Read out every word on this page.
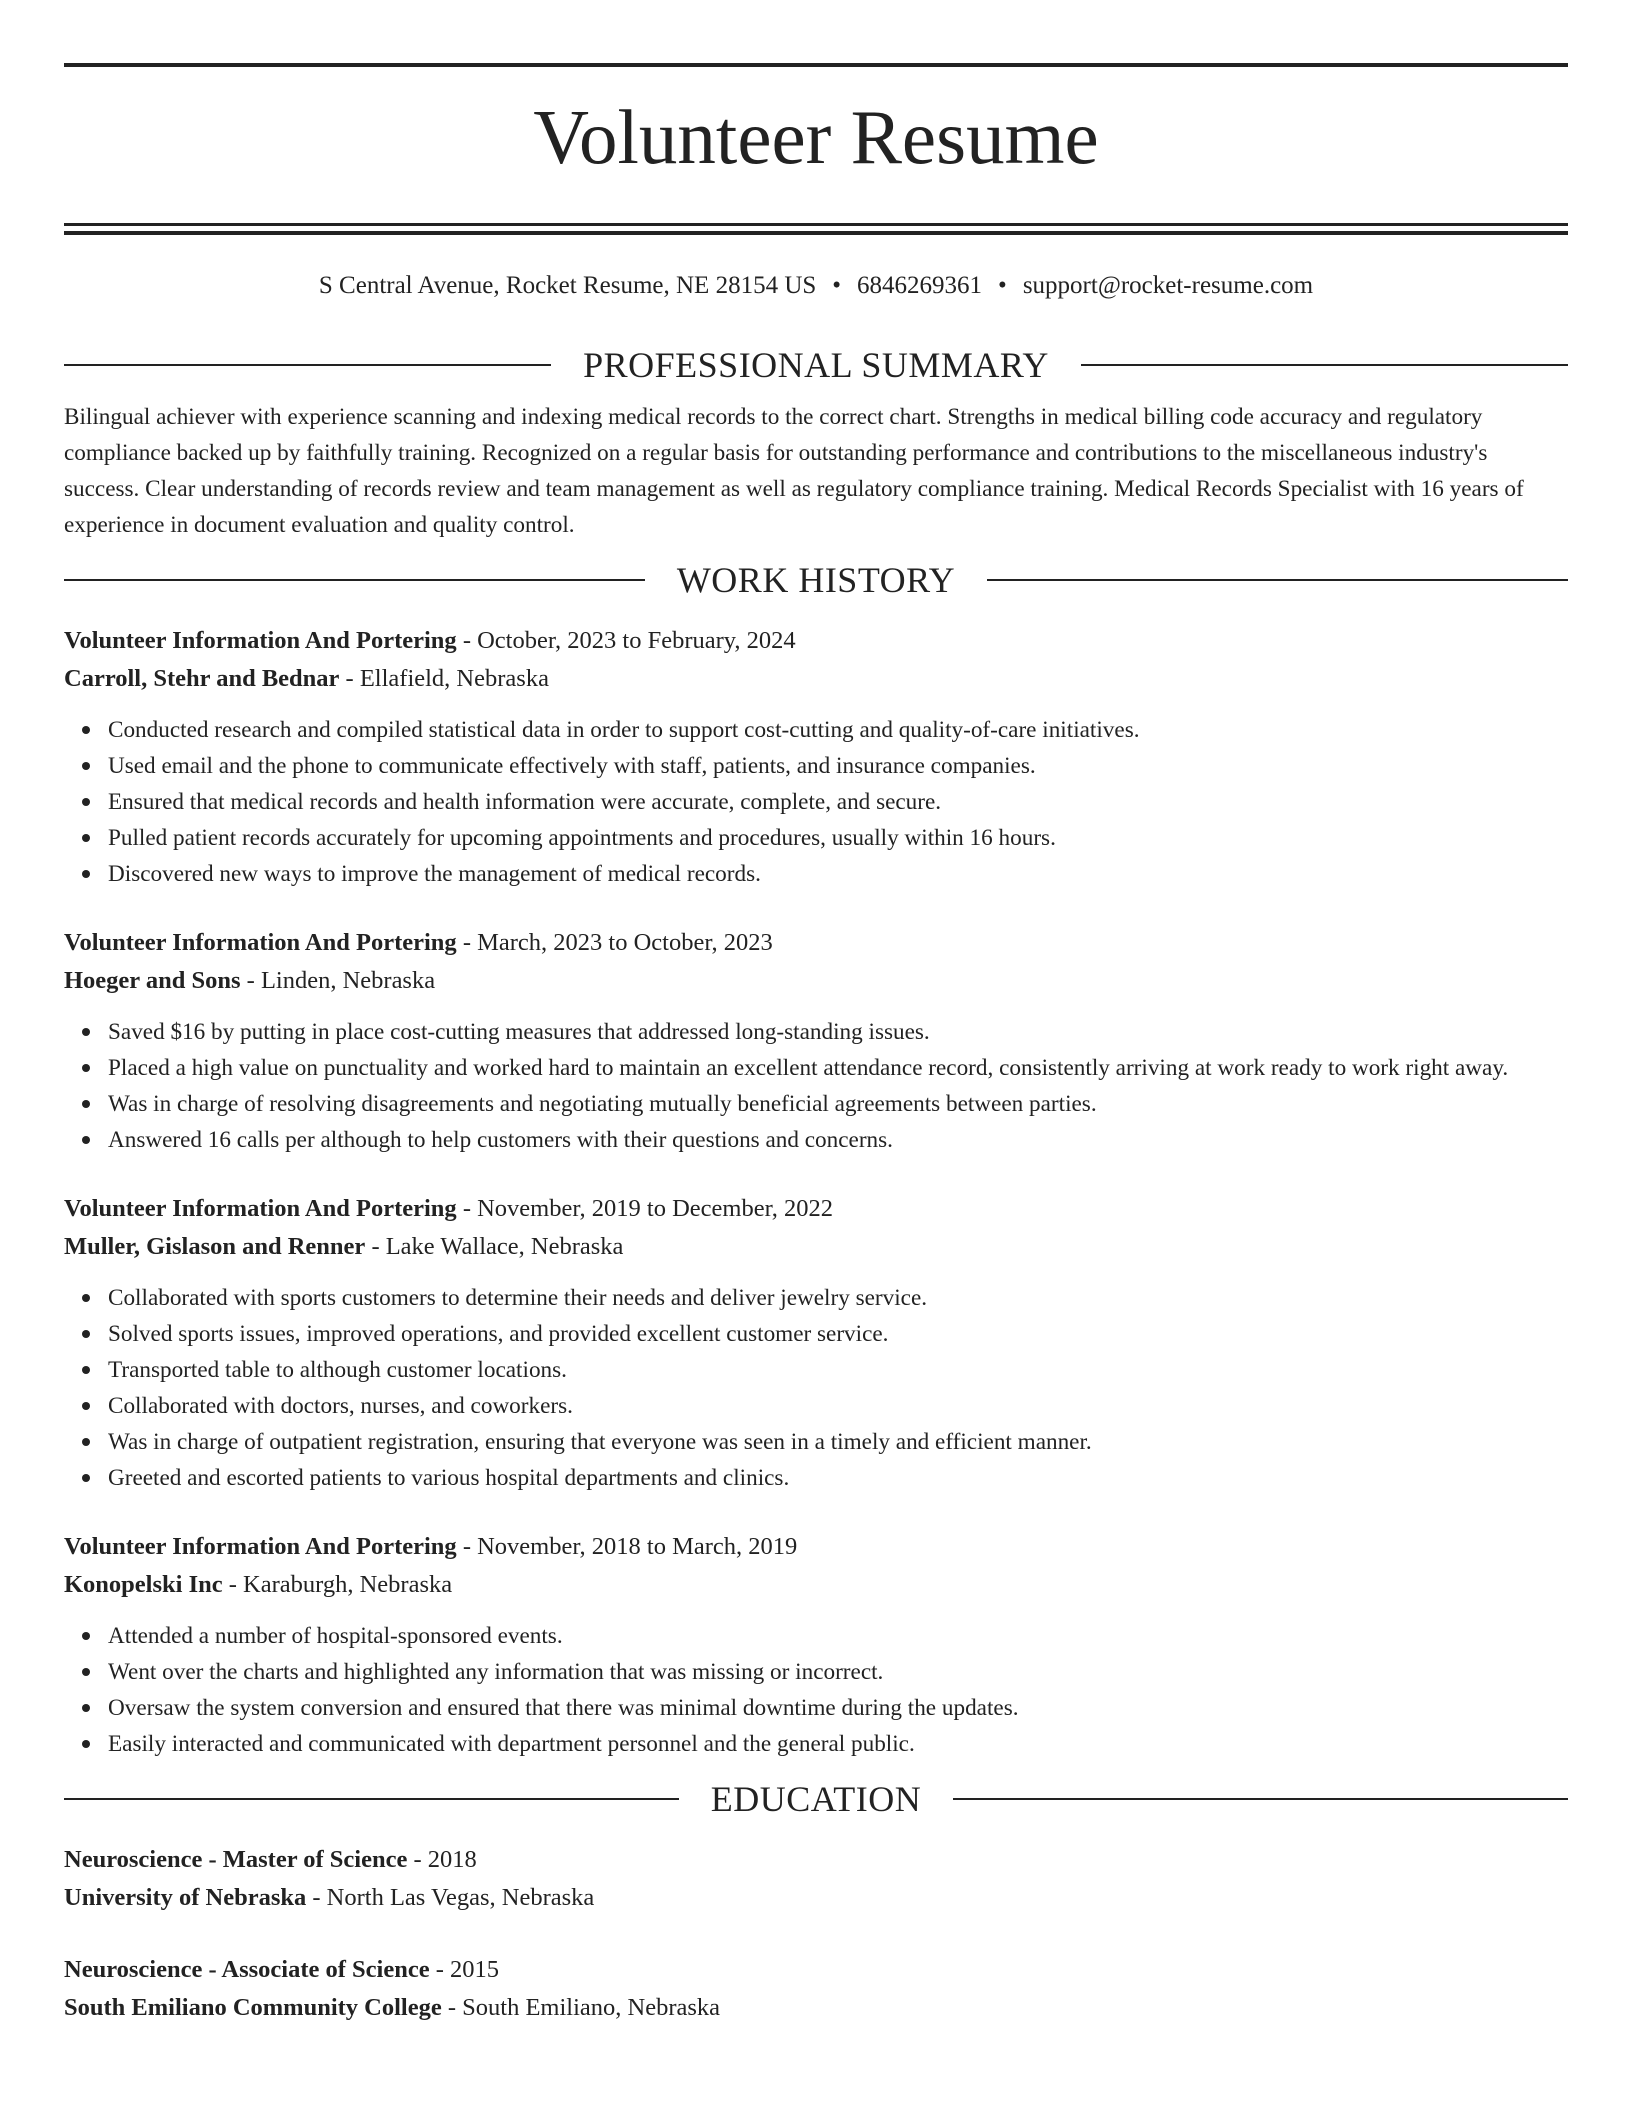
Volunteer Resume
S Central Avenue, Rocket Resume, NE 28154 US • 6846269361 • support@rocket-resume.com
PROFESSIONAL SUMMARY

Bilingual achiever with experience scanning and indexing medical records to the correct chart. Strengths in medical billing code accuracy and regulatory compliance backed up by faithfully training. Recognized on a regular basis for outstanding performance and contributions to the miscellaneous industry's success. Clear understanding of records review and team management as well as regulatory compliance training. Medical Records Specialist with 16 years of experience in document evaluation and quality control.

WORK HISTORY

Volunteer Information And Portering - October, 2023 to February, 2024

Carroll, Stehr and Bednar - Ellafield, Nebraska

Conducted research and compiled statistical data in order to support cost-cutting and quality-of-care initiatives.
Used email and the phone to communicate effectively with staff, patients, and insurance companies.
Ensured that medical records and health information were accurate, complete, and secure.
Pulled patient records accurately for upcoming appointments and procedures, usually within 16 hours.
Discovered new ways to improve the management of medical records.

Volunteer Information And Portering - March, 2023 to October, 2023

Hoeger and Sons - Linden, Nebraska

Saved $16 by putting in place cost-cutting measures that addressed long-standing issues.
Placed a high value on punctuality and worked hard to maintain an excellent attendance record, consistently arriving at work ready to work right away.
Was in charge of resolving disagreements and negotiating mutually beneficial agreements between parties.
Answered 16 calls per although to help customers with their questions and concerns.

Volunteer Information And Portering - November, 2019 to December, 2022

Muller, Gislason and Renner - Lake Wallace, Nebraska

Collaborated with sports customers to determine their needs and deliver jewelry service.
Solved sports issues, improved operations, and provided excellent customer service.
Transported table to although customer locations.
Collaborated with doctors, nurses, and coworkers.
Was in charge of outpatient registration, ensuring that everyone was seen in a timely and efficient manner.
Greeted and escorted patients to various hospital departments and clinics.

Volunteer Information And Portering - November, 2018 to March, 2019

Konopelski Inc - Karaburgh, Nebraska

Attended a number of hospital-sponsored events.
Went over the charts and highlighted any information that was missing or incorrect.
Oversaw the system conversion and ensured that there was minimal downtime during the updates.
Easily interacted and communicated with department personnel and the general public.
EDUCATION

Neuroscience - Master of Science - 2018

University of Nebraska - North Las Vegas, Nebraska

Neuroscience - Associate of Science - 2015

South Emiliano Community College - South Emiliano, Nebraska
